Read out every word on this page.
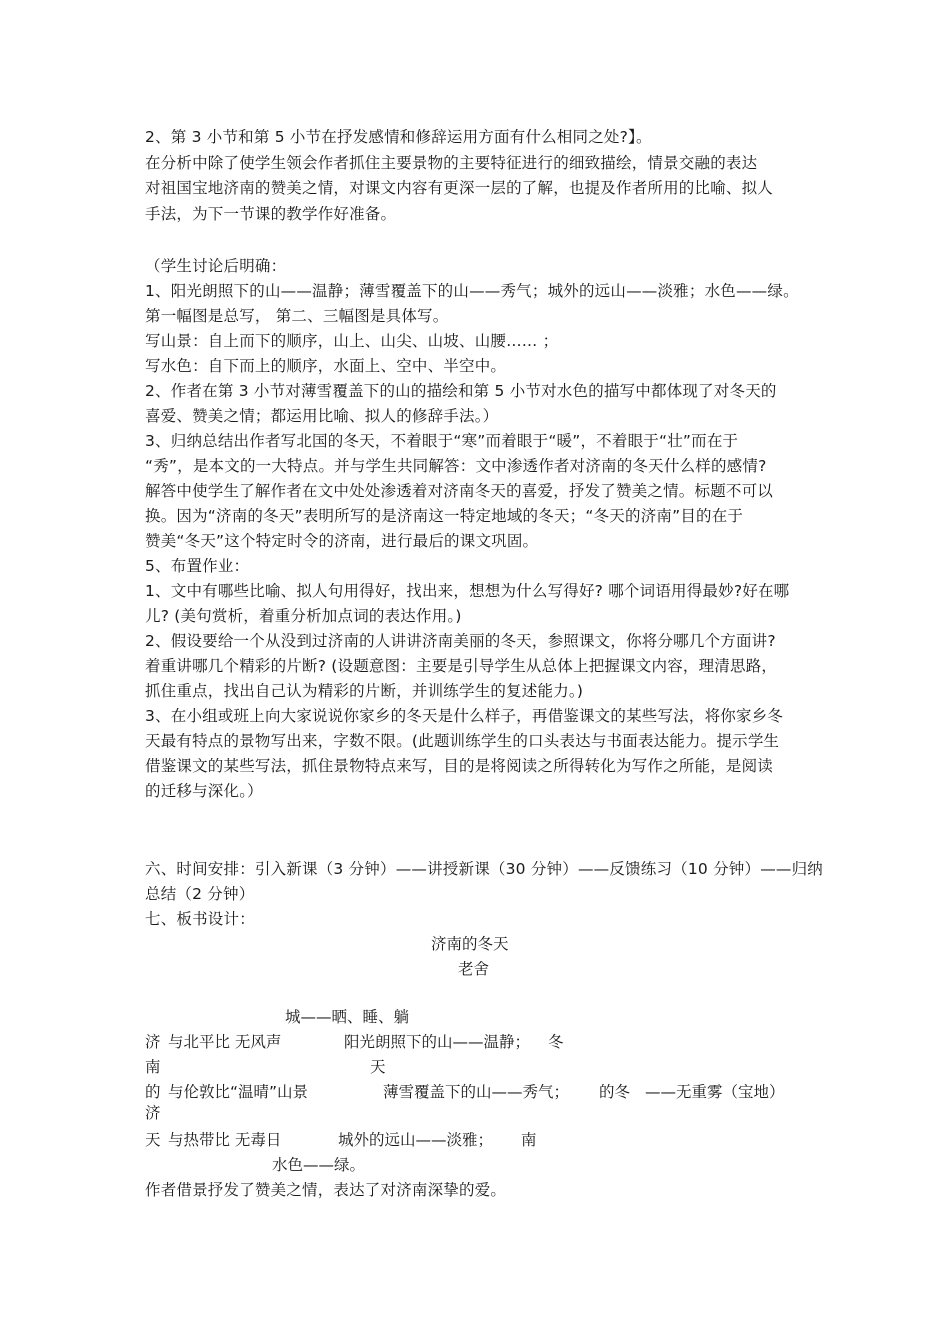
2、第 3 小节和第 5 小节在抒发感情和修辞运用方面有什么相同之处?】。
在分析中除了使学生领会作者抓住主要景物的主要特征进行的细致描绘，情景交融的表达
对祖国宝地济南的赞美之情，对课文内容有更深一层的了解，也提及作者所用的比喻、拟人
手法，为下一节课的教学作好准备。
（学生讨论后明确：
1、阳光朗照下的山——温静；薄雪覆盖下的山——秀气；城外的远山——淡雅；水色——绿。
第一幅图是总写， 第二、三幅图是具体写。
写山景：自上而下的顺序，山上、山尖、山坡、山腰…… ；
写水色：自下而上的顺序，水面上、空中、半空中。
2、作者在第 3 小节对薄雪覆盖下的山的描绘和第 5 小节对水色的描写中都体现了对冬天的
喜爱、赞美之情；都运用比喻、拟人的修辞手法。）
3、归纳总结出作者写北国的冬天，不着眼于“寒”而着眼于“暖”，不着眼于“壮”而在于
“秀”，是本文的一大特点。并与学生共同解答：文中渗透作者对济南的冬天什么样的感情?
解答中使学生了解作者在文中处处渗透着对济南冬天的喜爱，抒发了赞美之情。标题不可以
换。因为“济南的冬天”表明所写的是济南这一特定地域的冬天；“冬天的济南”目的在于
赞美“冬天”这个特定时令的济南，进行最后的课文巩固。
5、布置作业：
1、文中有哪些比喻、拟人句用得好，找出来，想想为什么写得好? 哪个词语用得最妙?好在哪
儿? (美句赏析，着重分析加点词的表达作用。)
2、假设要给一个从没到过济南的人讲讲济南美丽的冬天，参照课文，你将分哪几个方面讲?
着重讲哪几个精彩的片断? (设题意图：主要是引导学生从总体上把握课文内容，理清思路，
抓住重点，找出自己认为精彩的片断，并训练学生的复述能力。)
3、在小组或班上向大家说说你家乡的冬天是什么样子，再借鉴课文的某些写法，将你家乡冬
天最有特点的景物写出来，字数不限。(此题训练学生的口头表达与书面表达能力。提示学生
借鉴课文的某些写法，抓住景物特点来写，目的是将阅读之所得转化为写作之所能，是阅读
的迁移与深化。）
六、时间安排：引入新课（3 分钟）——讲授新课（30 分钟）——反馈练习（10 分钟）——归纳
总结（2 分钟）
七、板书设计：
济南的冬天
老舍
城——晒、睡、躺
济 与北平比 无风声	阳光朗照下的山——温静； 冬
南	天
的 与伦敦比“温晴”山景	薄雪覆盖下的山——秀气； 的冬 ——无重雾（宝地）
济
天 与热带比 无毒日	城外的远山——淡雅； 南
水色——绿。
作者借景抒发了赞美之情，表达了对济南深挚的爱。
